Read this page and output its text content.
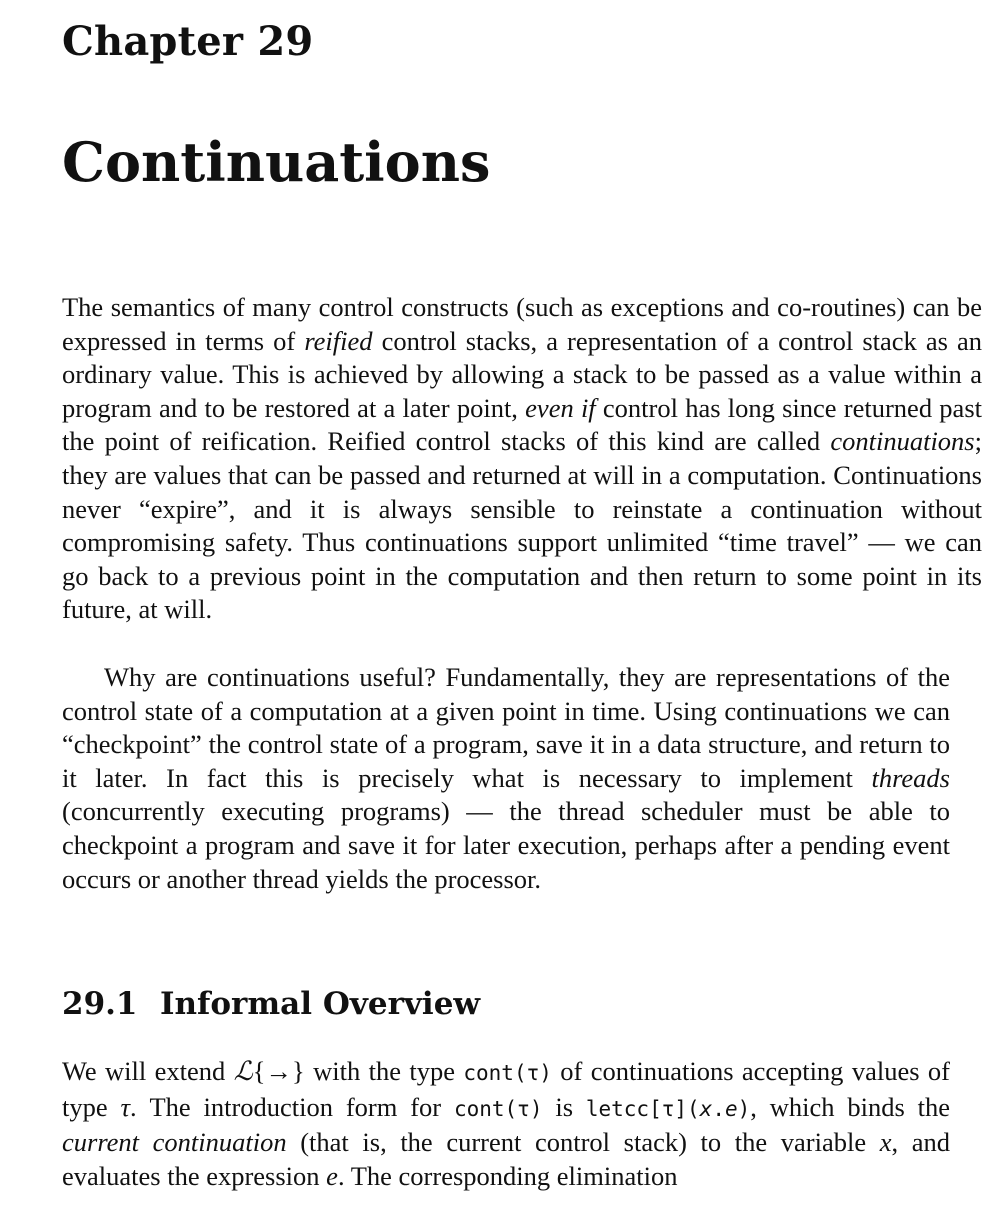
Chapter 29
Continuations

The semantics of many control constructs (such as exceptions and co-routines) can be expressed in terms of reified control stacks, a representation of a control stack as an ordinary value. This is achieved by allowing a stack to be passed as a value within a program and to be restored at a later point, even if control has long since returned past the point of reification. Reified control stacks of this kind are called continuations; they are values that can be passed and returned at will in a computation. Continuations never “expire”, and it is always sensible to reinstate a continuation without compromising safety. Thus continuations support unlimited “time travel” — we can go back to a previous point in the computation and then return to some point in its future, at will.

Why are continuations useful? Fundamentally, they are representations of the control state of a computation at a given point in time. Using continuations we can “checkpoint” the control state of a program, save it in a data structure, and return to it later. In fact this is precisely what is necessary to implement threads (concurrently executing programs) — the thread scheduler must be able to checkpoint a program and save it for later execution, perhaps after a pending event occurs or another thread yields the processor.

29.1 Informal Overview

We will extend ℒ{→} with the type cont(τ) of continuations accepting values of type τ. The introduction form for cont(τ) is letcc[τ](x.e), which binds the current continuation (that is, the current control stack) to the variable x, and evaluates the expression e. The corresponding elimination
